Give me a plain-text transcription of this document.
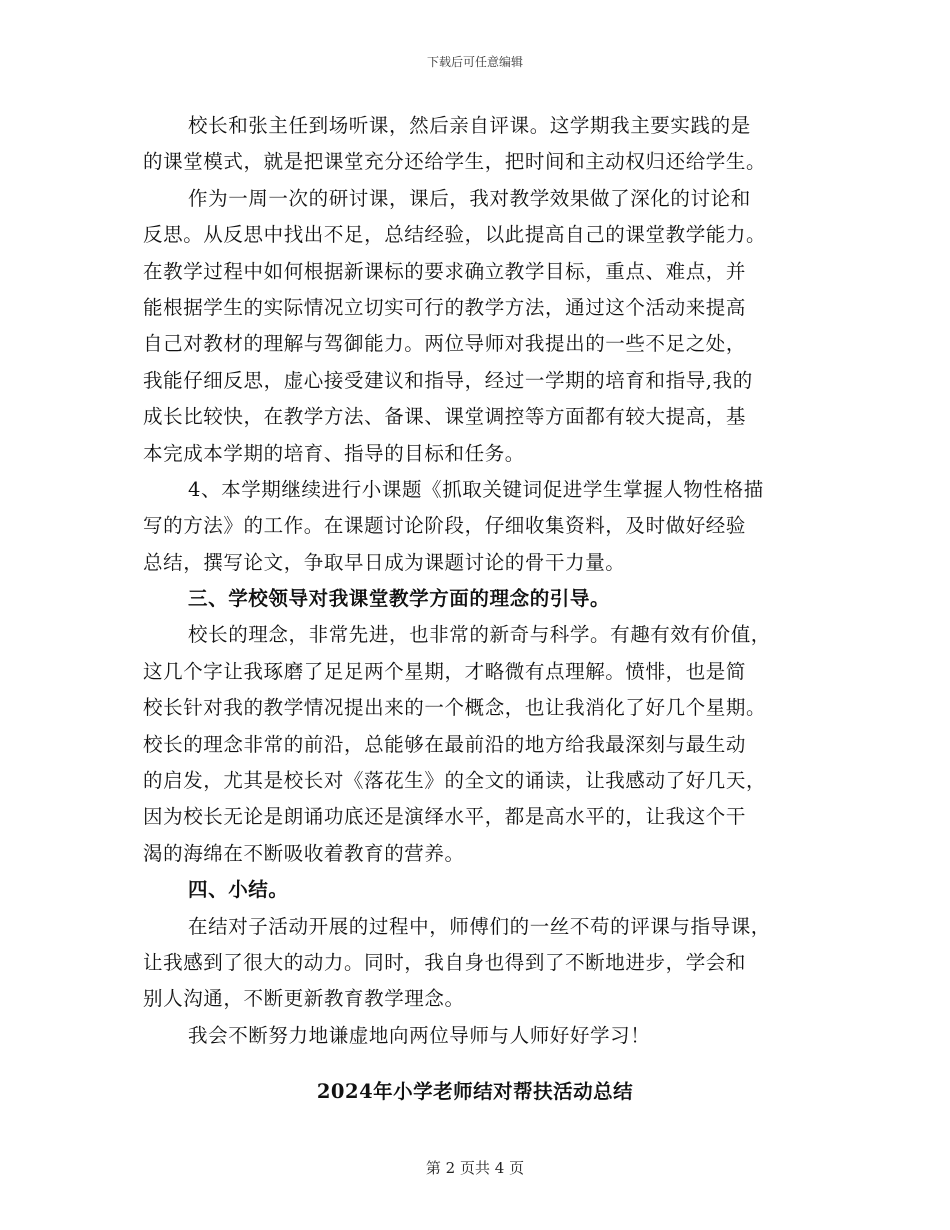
下载后可任意编辑
校长和张主任到场听课，然后亲自评课。这学期我主要实践的是
的课堂模式，就是把课堂充分还给学生，把时间和主动权归还给学生。
作为一周一次的研讨课，课后，我对教学效果做了深化的讨论和
反思。从反思中找出不足，总结经验，以此提高自己的课堂教学能力。
在教学过程中如何根据新课标的要求确立教学目标，重点、难点，并
能根据学生的实际情况立切实可行的教学方法，通过这个活动来提高
自己对教材的理解与驾御能力。两位导师对我提出的一些不足之处，
我能仔细反思，虚心接受建议和指导，经过一学期的培育和指导,我的
成长比较快，在教学方法、备课、课堂调控等方面都有较大提高，基
本完成本学期的培育、指导的目标和任务。
4、本学期继续进行小课题《抓取关键词促进学生掌握人物性格描
写的方法》的工作。在课题讨论阶段，仔细收集资料，及时做好经验
总结，撰写论文，争取早日成为课题讨论的骨干力量。
三、学校领导对我课堂教学方面的理念的引导。
校长的理念，非常先进，也非常的新奇与科学。有趣有效有价值，
这几个字让我琢磨了足足两个星期，才略微有点理解。愤悱，也是简
校长针对我的教学情况提出来的一个概念，也让我消化了好几个星期。
校长的理念非常的前沿，总能够在最前沿的地方给我最深刻与最生动
的启发，尤其是校长对《落花生》的全文的诵读，让我感动了好几天，
因为校长无论是朗诵功底还是演绎水平，都是高水平的，让我这个干
渴的海绵在不断吸收着教育的营养。
四、小结。
在结对子活动开展的过程中，师傅们的一丝不苟的评课与指导课，
让我感到了很大的动力。同时，我自身也得到了不断地进步，学会和
别人沟通，不断更新教育教学理念。
我会不断努力地谦虚地向两位导师与人师好好学习！
2024年小学老师结对帮扶活动总结
第 2 页共 4 页
